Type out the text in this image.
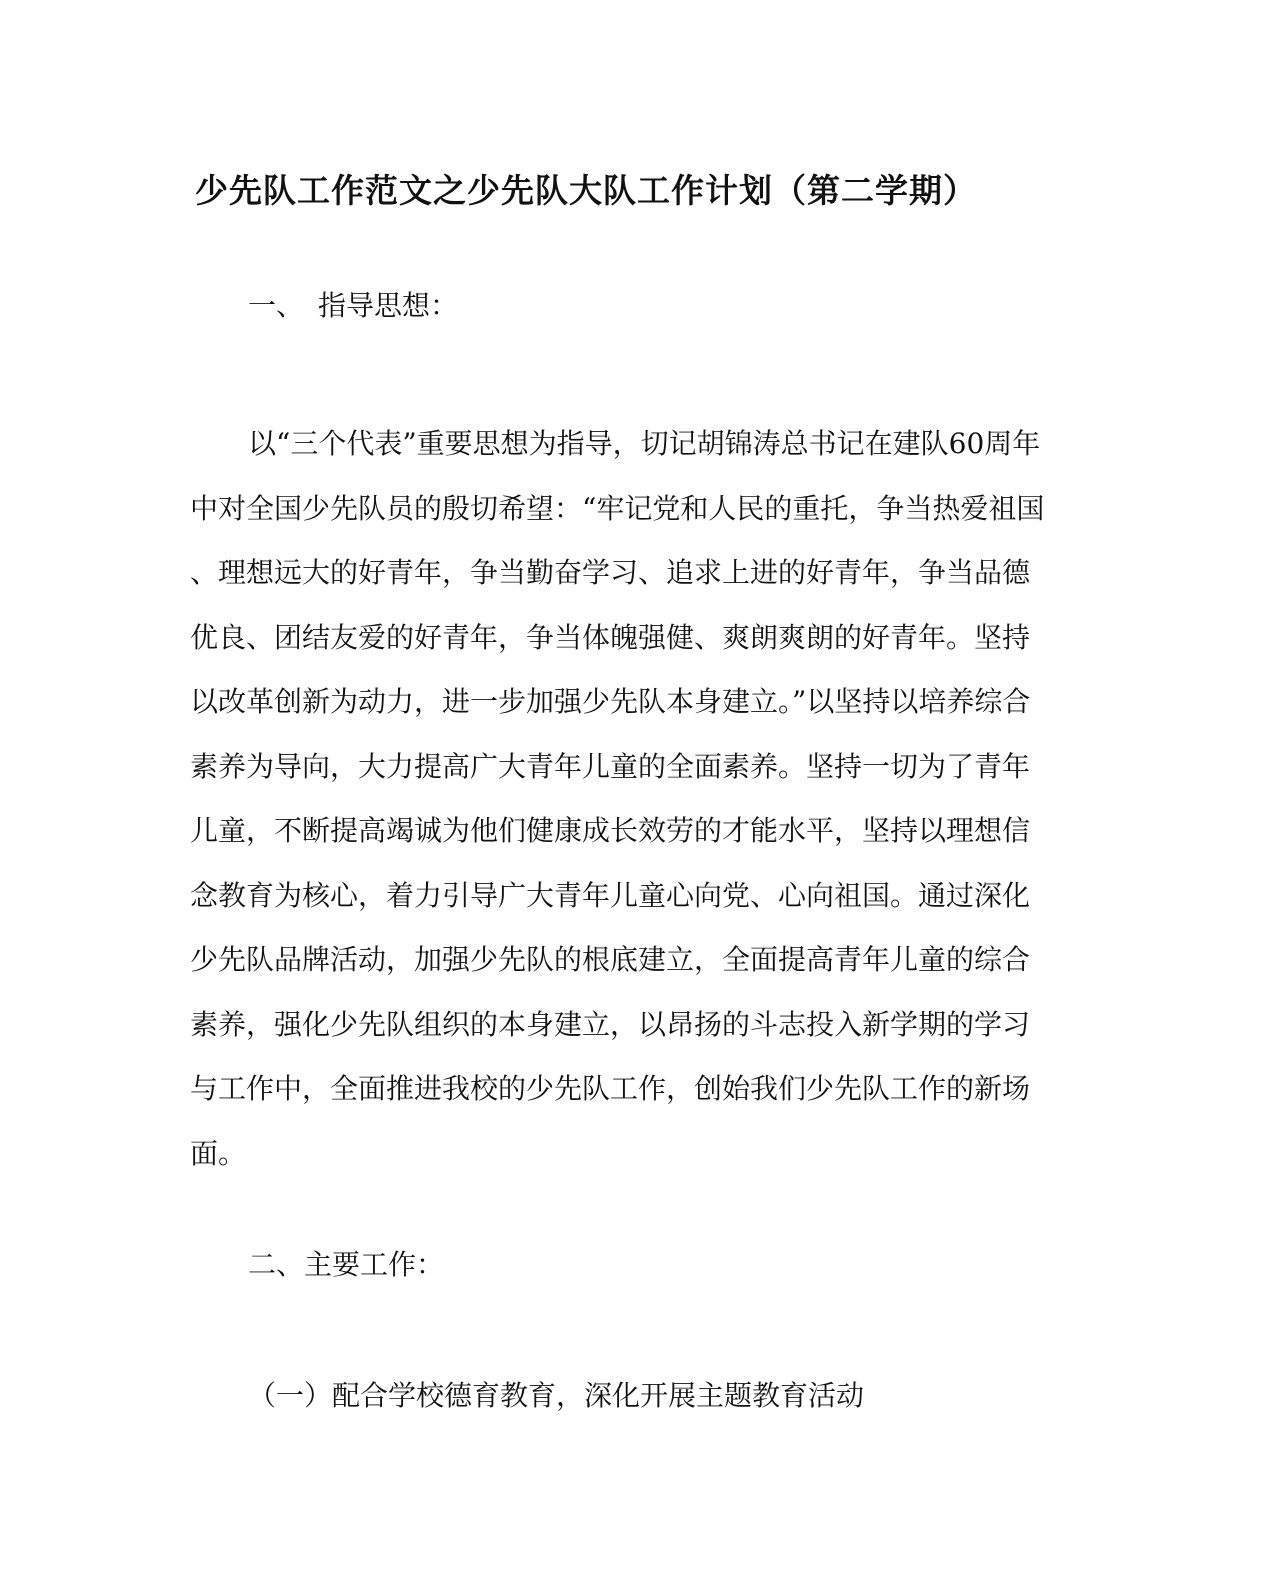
少先队工作范文之少先队大队工作计划（第二学期）
一、 指导思想：
以“三个代表”重要思想为指导，切记胡锦涛总书记在建队60周年
中对全国少先队员的殷切希望：“牢记党和人民的重托，争当热爱祖国
、理想远大的好青年，争当勤奋学习、追求上进的好青年，争当品德
优良、团结友爱的好青年，争当体魄强健、爽朗爽朗的好青年。坚持
以改革创新为动力，进一步加强少先队本身建立。”以坚持以培养综合
素养为导向，大力提高广大青年儿童的全面素养。坚持一切为了青年
儿童，不断提高竭诚为他们健康成长效劳的才能水平，坚持以理想信
念教育为核心，着力引导广大青年儿童心向党、心向祖国。通过深化
少先队品牌活动，加强少先队的根底建立，全面提高青年儿童的综合
素养，强化少先队组织的本身建立，以昂扬的斗志投入新学期的学习
与工作中，全面推进我校的少先队工作，创始我们少先队工作的新场
面。
二、主要工作：
（一）配合学校德育教育，深化开展主题教育活动
